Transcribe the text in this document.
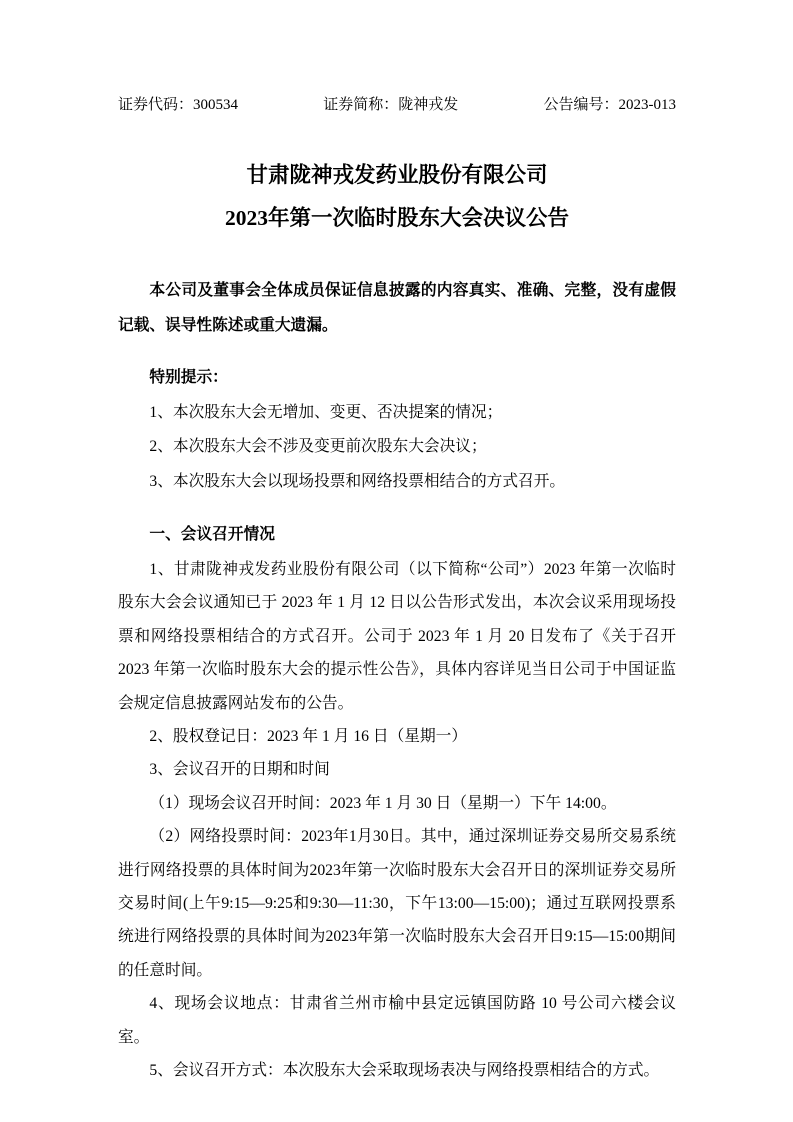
证券代码：300534	证券简称：陇神戎发	公告编号：2023-013
甘肃陇神戎发药业股份有限公司
2023年第一次临时股东大会决议公告

本公司及董事会全体成员保证信息披露的内容真实、准确、完整，没有虚假记载、误导性陈述或重大遗漏。

特别提示：

1、本次股东大会无增加、变更、否决提案的情况；

2、本次股东大会不涉及变更前次股东大会决议；

3、本次股东大会以现场投票和网络投票相结合的方式召开。

一、会议召开情况

1、甘肃陇神戎发药业股份有限公司（以下简称“公司”）2023 年第一次临时股东大会会议通知已于 2023 年 1 月 12 日以公告形式发出，本次会议采用现场投票和网络投票相结合的方式召开。公司于 2023 年 1 月 20 日发布了《关于召开 2023 年第一次临时股东大会的提示性公告》，具体内容详见当日公司于中国证监会规定信息披露网站发布的公告。

2、股权登记日：2023 年 1 月 16 日（星期一）

3、会议召开的日期和时间

（1）现场会议召开时间：2023 年 1 月 30 日（星期一）下午 14:00。

（2）网络投票时间：2023年1月30日。其中，通过深圳证券交易所交易系统进行网络投票的具体时间为2023年第一次临时股东大会召开日的深圳证券交易所交易时间(上午9:15—9:25和9:30—11:30，下午13:00—15:00)；通过互联网投票系统进行网络投票的具体时间为2023年第一次临时股东大会召开日9:15—15:00期间的任意时间。

4、现场会议地点：甘肃省兰州市榆中县定远镇国防路 10 号公司六楼会议室。

5、会议召开方式：本次股东大会采取现场表决与网络投票相结合的方式。
